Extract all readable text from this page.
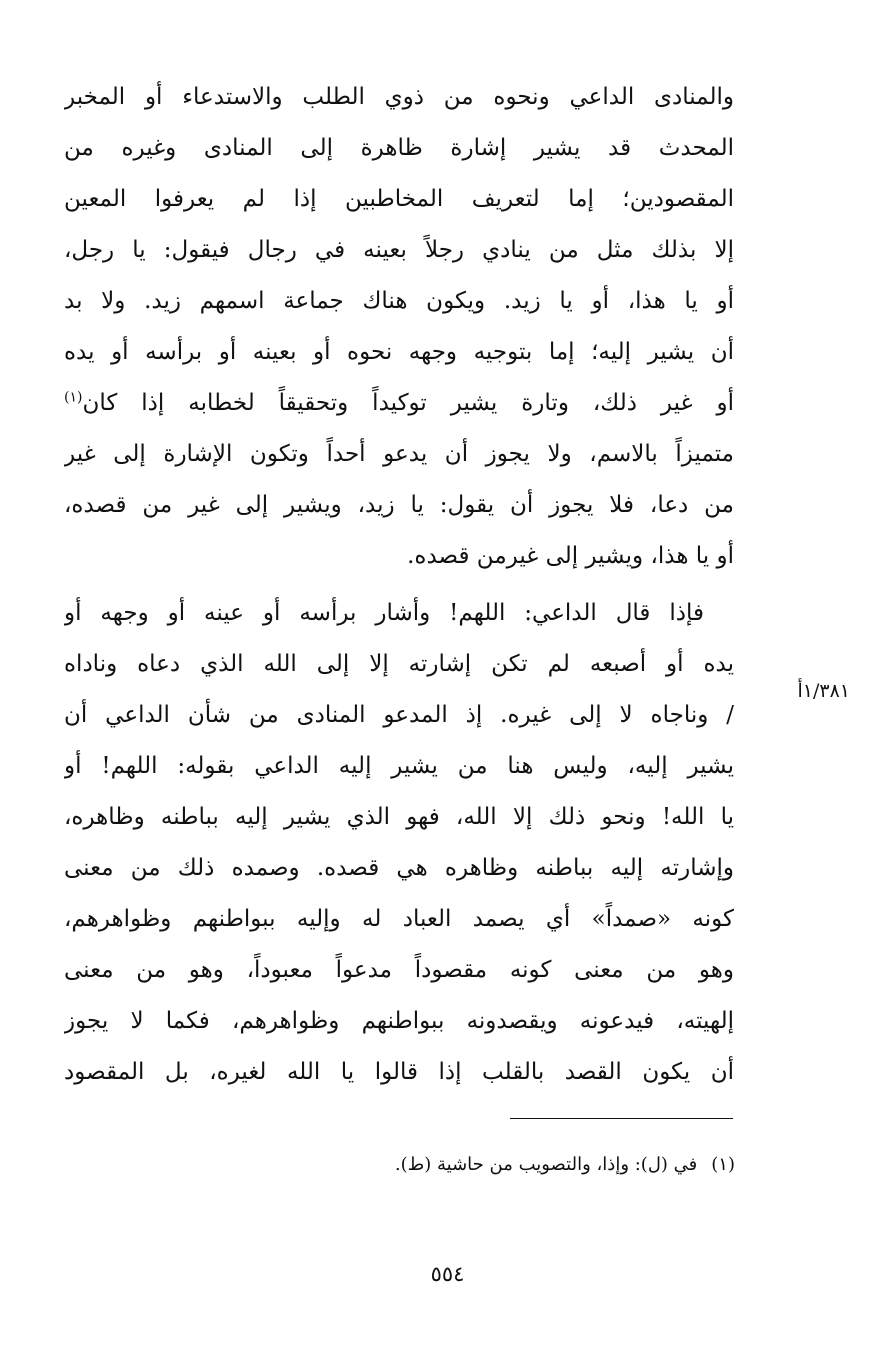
والمنادى الداعي ونحوه من ذوي الطلب والاستدعاء أو المخبر
المحدث قد يشير إشارة ظاهرة إلى المنادى وغيره من
المقصودين؛ إما لتعريف المخاطبين إذا لم يعرفوا المعين
إلا بذلك مثل من ينادي رجلاً بعينه في رجال فيقول: يا رجل،
أو يا هذا، أو يا زيد. ويكون هناك جماعة اسمهم زيد. ولا بد
أن يشير إليه؛ إما بتوجيه وجهه نحوه أو بعينه أو برأسه أو يده
أو غير ذلك، وتارة يشير توكيداً وتحقيقاً لخطابه إذا كان$^{(١)}$
متميزاً بالاسم، ولا يجوز أن يدعو أحداً وتكون الإشارة إلى غير
من دعا، فلا يجوز أن يقول: يا زيد، ويشير إلى غير من قصده،
أو يا هذا، ويشير إلى غيرمن قصده.
فإذا قال الداعي: اللهم! وأشار برأسه أو عينه أو وجهه أو
يده أو أصبعه لم تكن إشارته إلا إلى الله الذي دعاه وناداه
/ وناجاه لا إلى غيره. إذ المدعو المنادى من شأن الداعي أن
يشير إليه، وليس هنا من يشير إليه الداعي بقوله: اللهم! أو
يا الله! ونحو ذلك إلا الله، فهو الذي يشير إليه بباطنه وظاهره،
وإشارته إليه بباطنه وظاهره هي قصده. وصمده ذلك من معنى
كونه «صمداً» أي يصمد العباد له وإليه ببواطنهم وظواهرهم،
وهو من معنى كونه مقصوداً مدعواً معبوداً، وهو من معنى
إلهيته، فيدعونه ويقصدونه ببواطنهم وظواهرهم، فكما لا يجوز
أن يكون القصد بالقلب إذا قالوا يا الله لغيره، بل المقصود
١/٣٨١أ
(١)في (ل): وإذا، والتصويب من حاشية (ط).
٥٥٤
